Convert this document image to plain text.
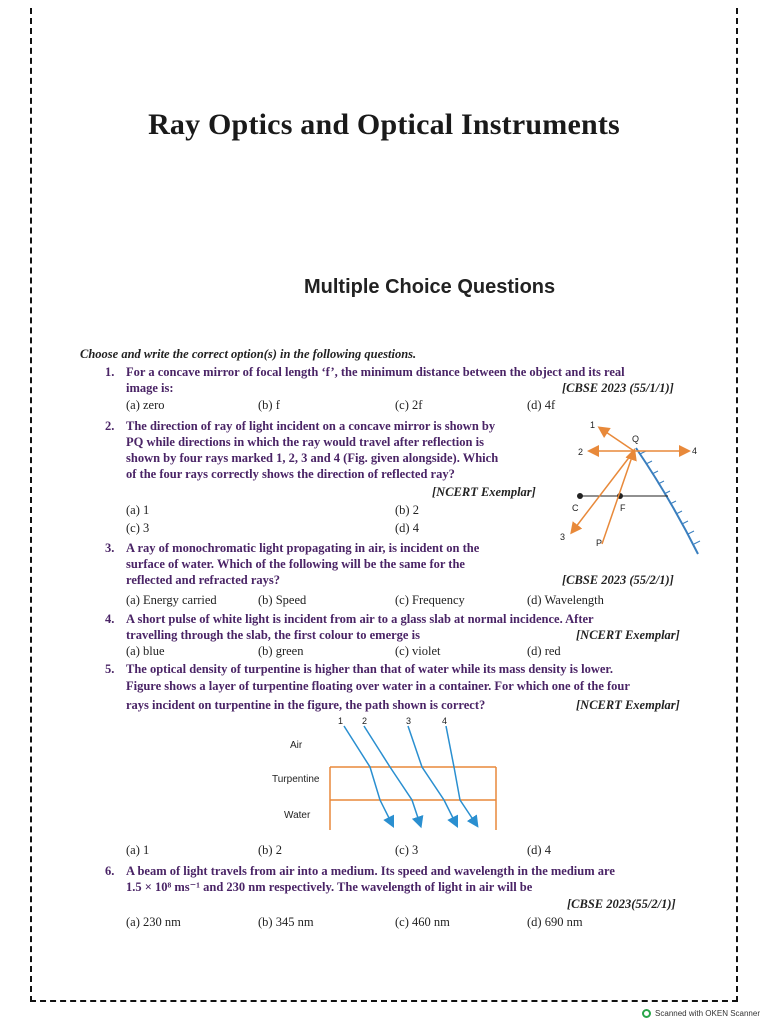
Ray Optics and Optical Instruments
Multiple Choice Questions
Choose and write the correct option(s) in the following questions.
1. For a concave mirror of focal length ‘f’, the minimum distance between the object and its real
image is:	[CBSE 2023 (55/1/1)]
(a) zero	(b) f	(c) 2f	(d) 4f
2. The direction of ray of light incident on a concave mirror is shown by
PQ while directions in which the ray would travel after reflection is
shown by four rays marked 1, 2, 3 and 4 (Fig. given alongside). Which
of the four rays correctly shows the direction of reflected ray?
[NCERT Exemplar]
(a) 1	(b) 2
(c) 3	(d) 4
1
2
3
4
Q
C	F
P
3. A ray of monochromatic light propagating in air, is incident on the
surface of water. Which of the following will be the same for the
reflected and refracted rays?	[CBSE 2023 (55/2/1)]
(a) Energy carried	(b) Speed	(c) Frequency	(d) Wavelength
4. A short pulse of white light is incident from air to a glass slab at normal incidence. After
travelling through the slab, the first colour to emerge is	[NCERT Exemplar]
(a) blue	(b) green	(c) violet	(d) red
5. The optical density of turpentine is higher than that of water while its mass density is lower.
Figure shows a layer of turpentine floating over water in a container. For which one of the four
rays incident on turpentine in the figure, the path shown is correct?	[NCERT Exemplar]
1 2	3	4
Air
Turpentine
Water
(a) 1	(b) 2	(c) 3	(d) 4
6. A beam of light travels from air into a medium. Its speed and wavelength in the medium are
1.5 × 10⁸ ms⁻¹ and 230 nm respectively. The wavelength of light in air will be
[CBSE 2023(55/2/1)]
(a) 230 nm	(b) 345 nm	(c) 460 nm	(d) 690 nm
Scanned with OKEN Scanner
